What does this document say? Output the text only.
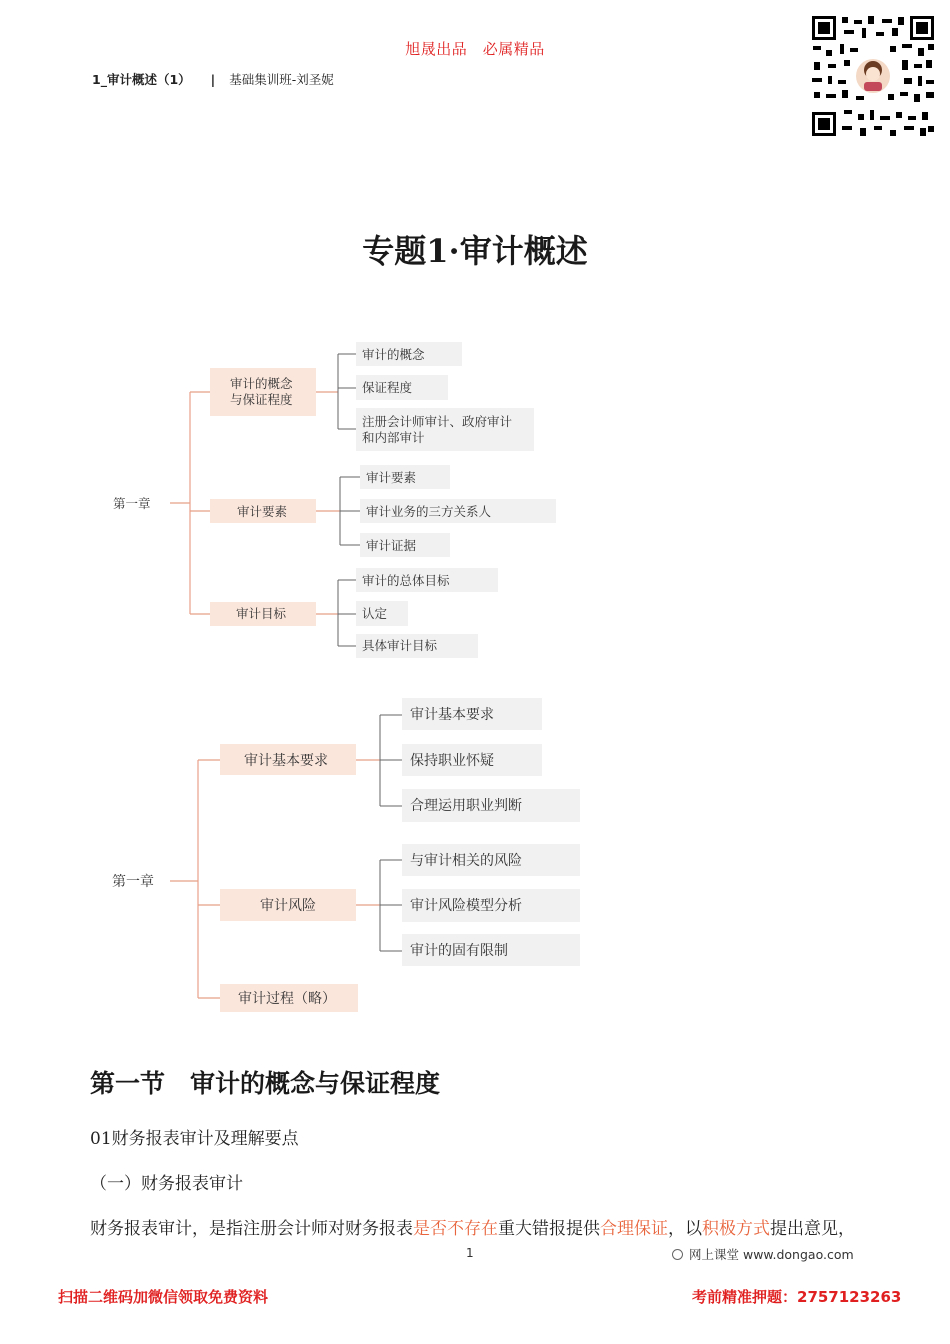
旭晟出品　必属精品
1_审计概述（1） | 基础集训班-刘圣妮
专题1·审计概述
第一章
审计的概念
与保证程度
审计的概念
保证程度
注册会计师审计、政府审计
和内部审计
审计要素
审计要素
审计业务的三方关系人
审计证据
审计目标
审计的总体目标
认定
具体审计目标
第一章
审计基本要求
审计基本要求
保持职业怀疑
合理运用职业判断
审计风险
与审计相关的风险
审计风险模型分析
审计的固有限制
审计过程（略）
第一节　审计的概念与保证程度
01财务报表审计及理解要点
（一）财务报表审计
财务报表审计，是指注册会计师对财务报表是否不存在重大错报提供合理保证，以积极方式提出意见，
1	网上课堂 www.dongao.com
扫描二维码加微信领取免费资料	考前精准押题：2757123263
